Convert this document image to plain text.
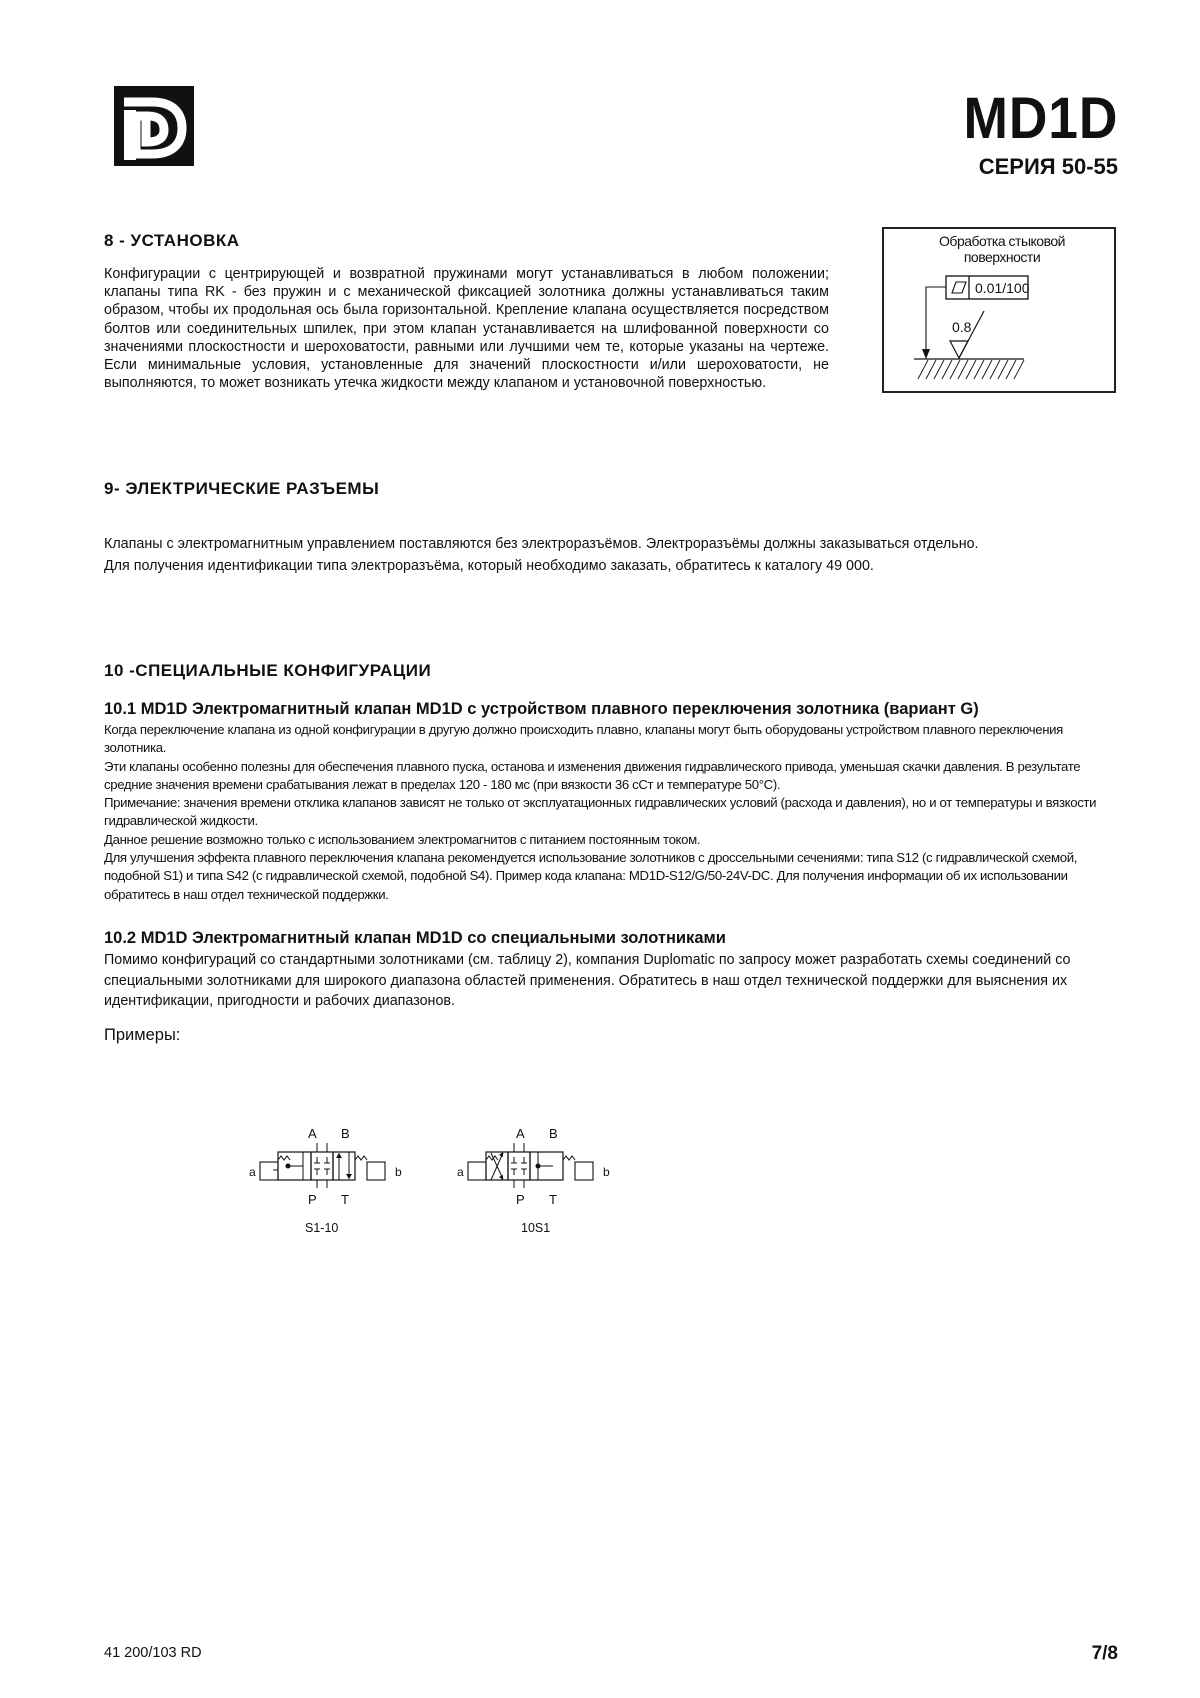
MD1D
СЕРИЯ 50-55
8 - УСТАНОВКА
Конфигурации с центрирующей и возвратной пружинами могут устанавливаться в любом положении; клапаны типа RK - без пружин и с механической фиксацией золотника должны устанавливаться таким образом, чтобы их продольная ось была горизонтальной. Крепление клапана осуществляется посредством болтов или соединительных шпилек, при этом клапан устанавливается на шлифованной поверхности со значениями плоскостности и шероховатости, равными или лучшими чем те, которые указаны на чертеже. Если минимальные условия, установленные для значений плоскостности и/или шероховатости, не выполняются, то может возникать утечка жидкости между клапаном и установочной поверхностью.
Обработка стыковой
поверхности
0.01/100
0.8
9- ЭЛЕКТРИЧЕСКИЕ РАЗЪЕМЫ
Клапаны с электромагнитным управлением поставляются без электроразъёмов. Электроразъёмы должны заказываться отдельно.
Для получения идентификации типа электроразъёма, который необходимо заказать, обратитесь к каталогу 49 000.
10 -СПЕЦИАЛЬНЫЕ КОНФИГУРАЦИИ
10.1 MD1D Электромагнитный клапан MD1D с устройством плавного переключения золотника (вариант G)

Когда переключение клапана из одной конфигурации в другую должно происходить плавно, клапаны могут быть оборудованы устройством плавного переключения золотника.

Эти клапаны особенно полезны для обеспечения плавного пуска, останова и изменения движения гидравлического привода, уменьшая скачки давления. В результате средние значения времени срабатывания лежат в пределах 120 - 180 мс (при вязкости 36 сСт и температуре 50°C).

Примечание: значения времени отклика клапанов зависят не только от эксплуатационных гидравлических условий (расхода и давления), но и от температуры и вязкости гидравлической жидкости.

Данное решение возможно только с использованием электромагнитов с питанием постоянным током.

Для улучшения эффекта плавного переключения клапана рекомендуется использование золотников с дроссельными сечениями: типа S12 (с гидравлической схемой, подобной S1) и типа S42 (с гидравлической схемой, подобной S4). Пример кода клапана: MD1D-S12/G/50-24V-DC. Для получения информации об их использовании обратитесь в наш отдел технической поддержки.

10.2 MD1D Электромагнитный клапан MD1D со специальными золотниками
Помимо конфигураций со стандартными золотниками (см. таблицу 2), компания Duplomatic по запросу может разработать схемы соединений со специальными золотниками для широкого диапазона областей применения. Обратитесь в наш отдел технической поддержки для выяснения их идентификации, пригодности и рабочих диапазонов.
Примеры:
A B
a	b
P T
S1-10
A B
a	b
P T
10S1
41 200/103 RD	7/8
